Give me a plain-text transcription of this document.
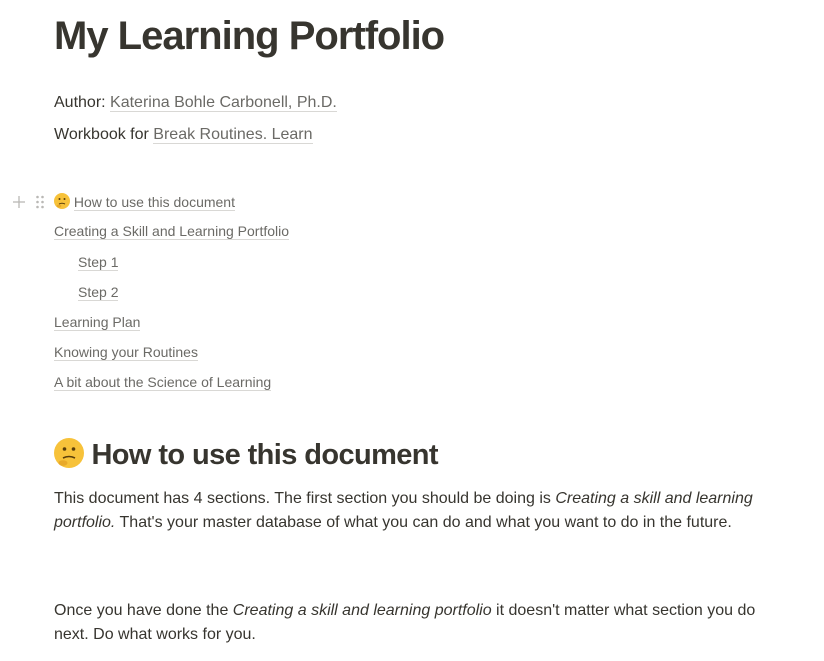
My Learning Portfolio
Author: Katerina Bohle Carbonell, Ph.D.
Workbook for Break Routines. Learn
How to use this document
Creating a Skill and Learning Portfolio
Step 1
Step 2
Learning Plan
Knowing your Routines
A bit about the Science of Learning
How to use this document
This document has 4 sections. The first section you should be doing is Creating a skill and learning portfolio. That's your master database of what you can do and what you want to do in the future.
Once you have done the Creating a skill and learning portfolio it doesn't matter what section you do next. Do what works for you.
